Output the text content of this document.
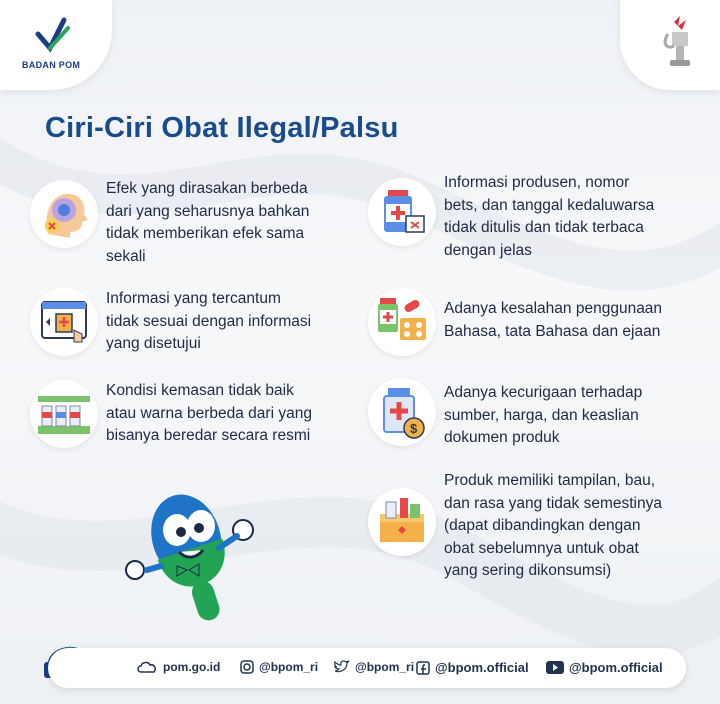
BADAN POM
Ciri-Ciri Obat Ilegal/Palsu
Efek yang dirasakan berbeda
dari yang seharusnya bahkan
tidak memberikan efek sama
sekali
Informasi yang tercantum
tidak sesuai dengan informasi
yang disetujui
Kondisi kemasan tidak baik
atau warna berbeda dari yang
bisanya beredar secara resmi
Informasi produsen, nomor
bets, dan tanggal kedaluwarsa
tidak ditulis dan tidak terbaca
dengan jelas
Adanya kesalahan penggunaan
Bahasa, tata Bahasa dan ejaan
$
Adanya kecurigaan terhadap
sumber, harga, dan keaslian
dokumen produk
Produk memiliki tampilan, bau,
dan rasa yang tidak semestinya
(dapat dibandingkan dengan
obat sebelumnya untuk obat
yang sering dikonsumsi)
pom.go.id	@bpom_ri	@bpom_ri @bpom.official	@bpom.official
